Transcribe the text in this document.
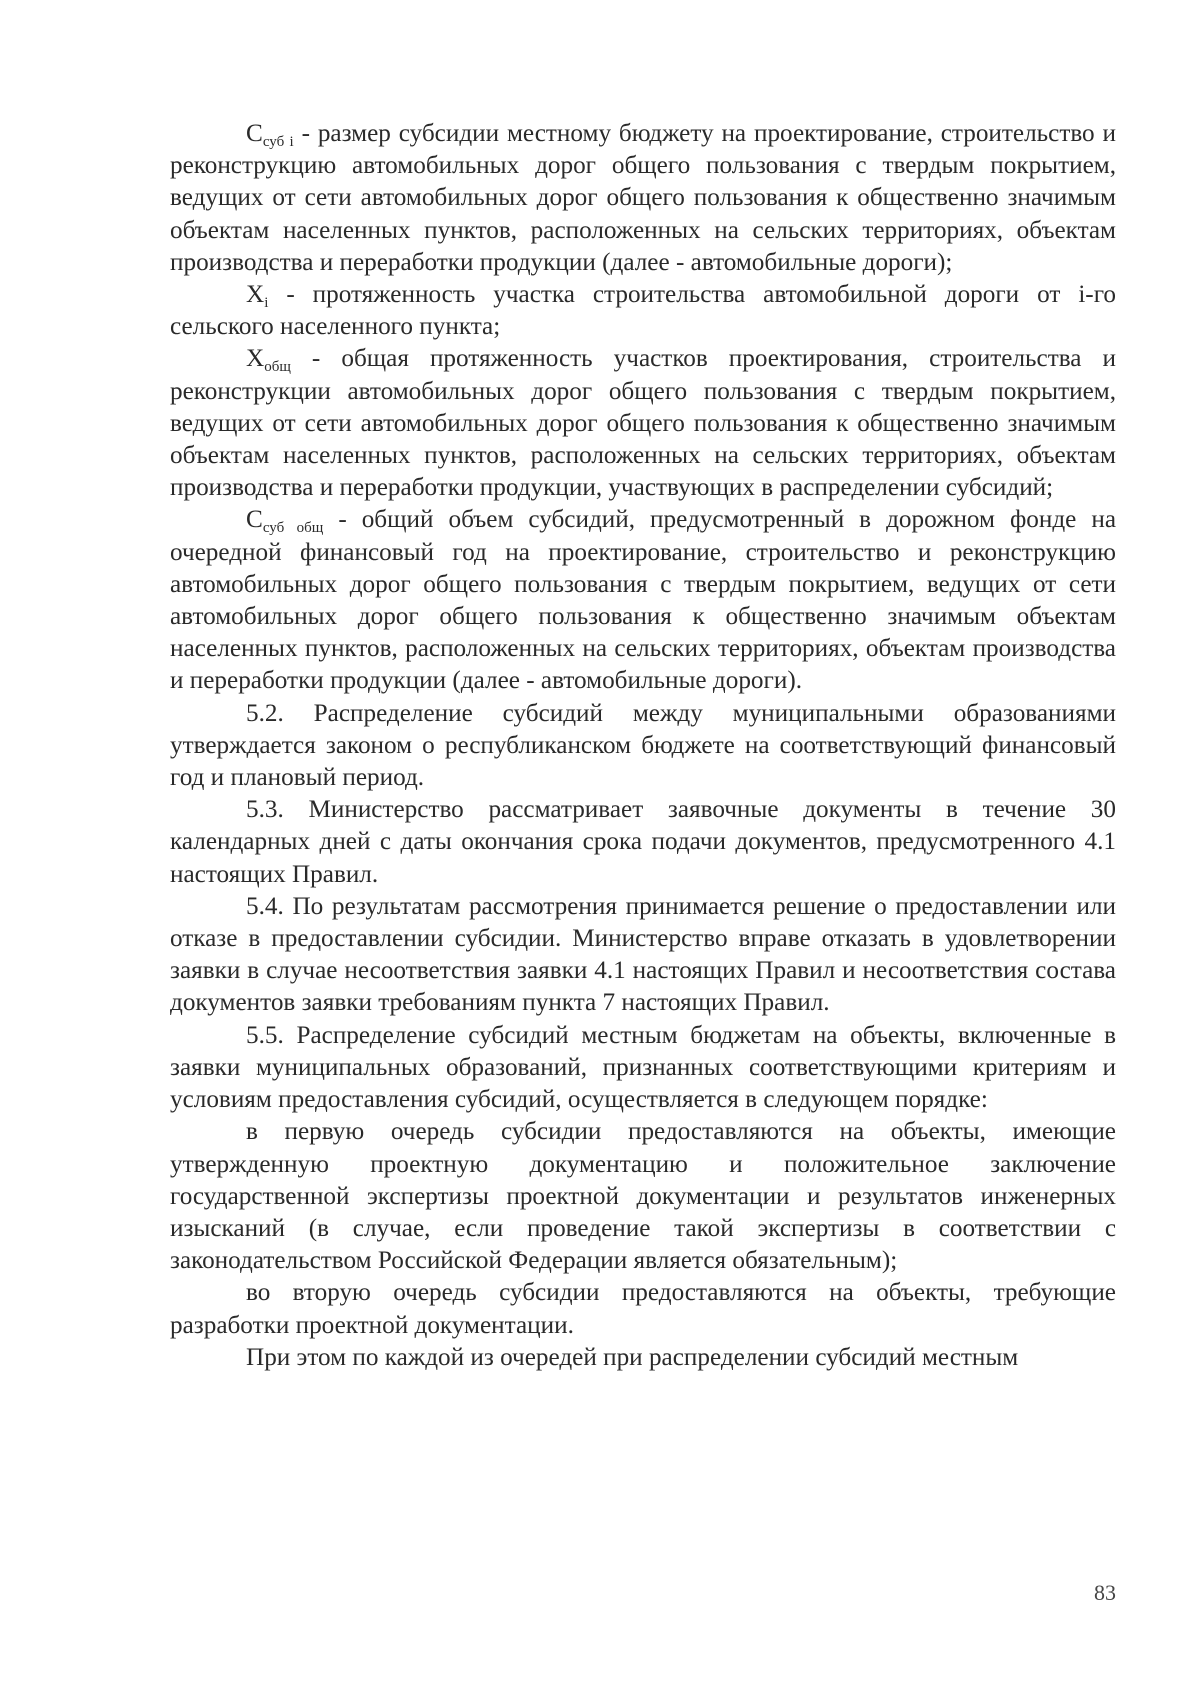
Ссуб i - размер субсидии местному бюджету на проектирование, строительство и реконструкцию автомобильных дорог общего пользования с твердым покрытием, ведущих от сети автомобильных дорог общего пользования к общественно значимым объектам населенных пунктов, расположенных на сельских территориях, объектам производства и переработки продукции (далее - автомобильные дороги);

Xi - протяженность участка строительства автомобильной дороги от i-го сельского населенного пункта;

Xобщ - общая протяженность участков проектирования, строительства и реконструкции автомобильных дорог общего пользования с твердым покрытием, ведущих от сети автомобильных дорог общего пользования к общественно значимым объектам населенных пунктов, расположенных на сельских территориях, объектам производства и переработки продукции, участвующих в распределении субсидий;

Ссуб общ - общий объем субсидий, предусмотренный в дорожном фонде на очередной финансовый год на проектирование, строительство и реконструкцию автомобильных дорог общего пользования с твердым покрытием, ведущих от сети автомобильных дорог общего пользования к общественно значимым объектам населенных пунктов, расположенных на сельских территориях, объектам производства и переработки продукции (далее - автомобильные дороги).

5.2. Распределение субсидий между муниципальными образованиями утверждается законом о республиканском бюджете на соответствующий финансовый год и плановый период.

5.3. Министерство рассматривает заявочные документы в течение 30 календарных дней с даты окончания срока подачи документов, предусмотренного 4.1 настоящих Правил.

5.4. По результатам рассмотрения принимается решение о предоставлении или отказе в предоставлении субсидии. Министерство вправе отказать в удовлетворении заявки в случае несоответствия заявки 4.1 настоящих Правил и несоответствия состава документов заявки требованиям пункта 7 настоящих Правил.

5.5. Распределение субсидий местным бюджетам на объекты, включенные в заявки муниципальных образований, признанных соответствующими критериям и условиям предоставления субсидий, осуществляется в следующем порядке:

в первую очередь субсидии предоставляются на объекты, имеющие утвержденную проектную документацию и положительное заключение государственной экспертизы проектной документации и результатов инженерных изысканий (в случае, если проведение такой экспертизы в соответствии с законодательством Российской Федерации является обязательным);

во вторую очередь субсидии предоставляются на объекты, требующие разработки проектной документации.

При этом по каждой из очередей при распределении субсидий местным

83
